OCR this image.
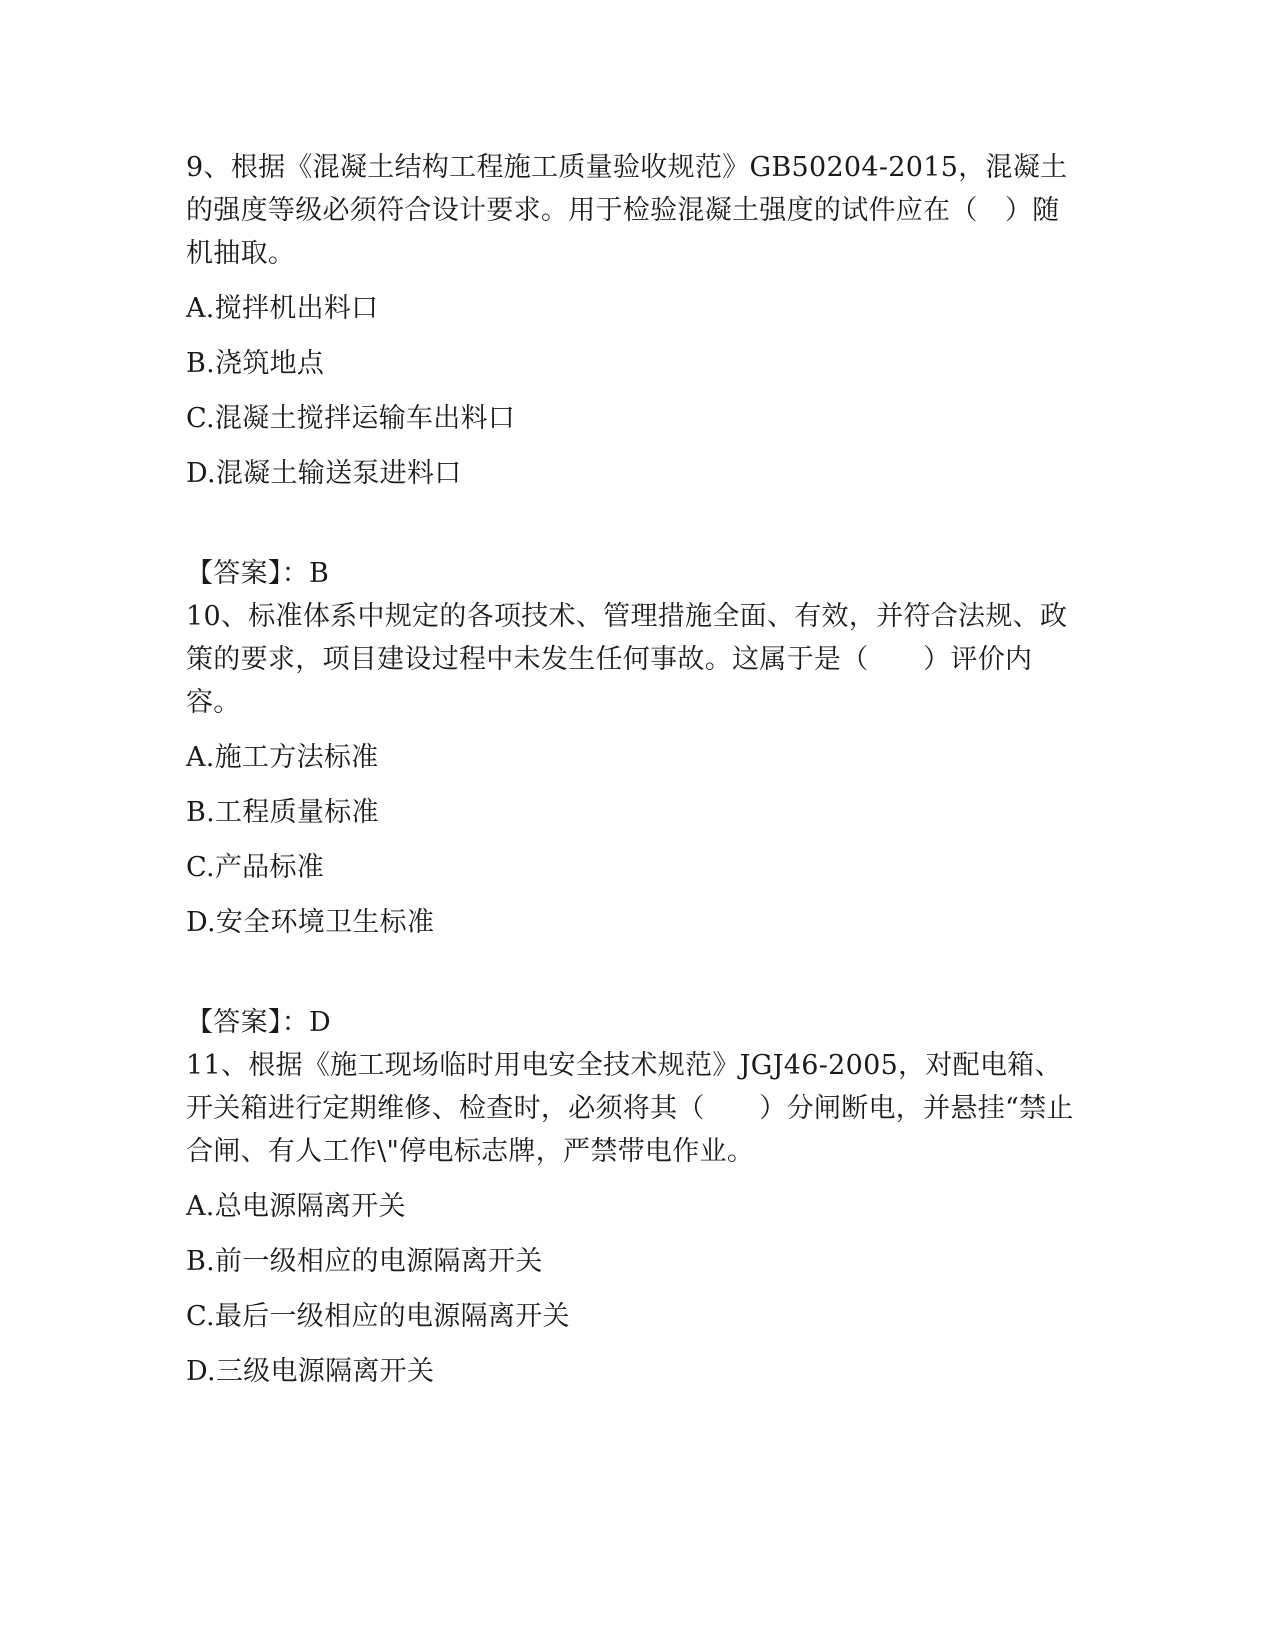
9、根据《混凝土结构工程施工质量验收规范》GB50204-2015，混凝土的强度等级必须符合设计要求。用于检验混凝土强度的试件应在（　）随机抽取。

A.搅拌机出料口
B.浇筑地点
C.混凝土搅拌运输车出料口
D.混凝土输送泵进料口
【答案】：B

10、标准体系中规定的各项技术、管理措施全面、有效，并符合法规、政策的要求，项目建设过程中未发生任何事故。这属于是（　　）评价内容。

A.施工方法标准
B.工程质量标准
C.产品标准
D.安全环境卫生标准
【答案】：D

11、根据《施工现场临时用电安全技术规范》JGJ46-2005，对配电箱、开关箱进行定期维修、检查时，必须将其（　　）分闸断电，并悬挂“禁止合闸、有人工作\"停电标志牌，严禁带电作业。

A.总电源隔离开关
B.前一级相应的电源隔离开关
C.最后一级相应的电源隔离开关
D.三级电源隔离开关
